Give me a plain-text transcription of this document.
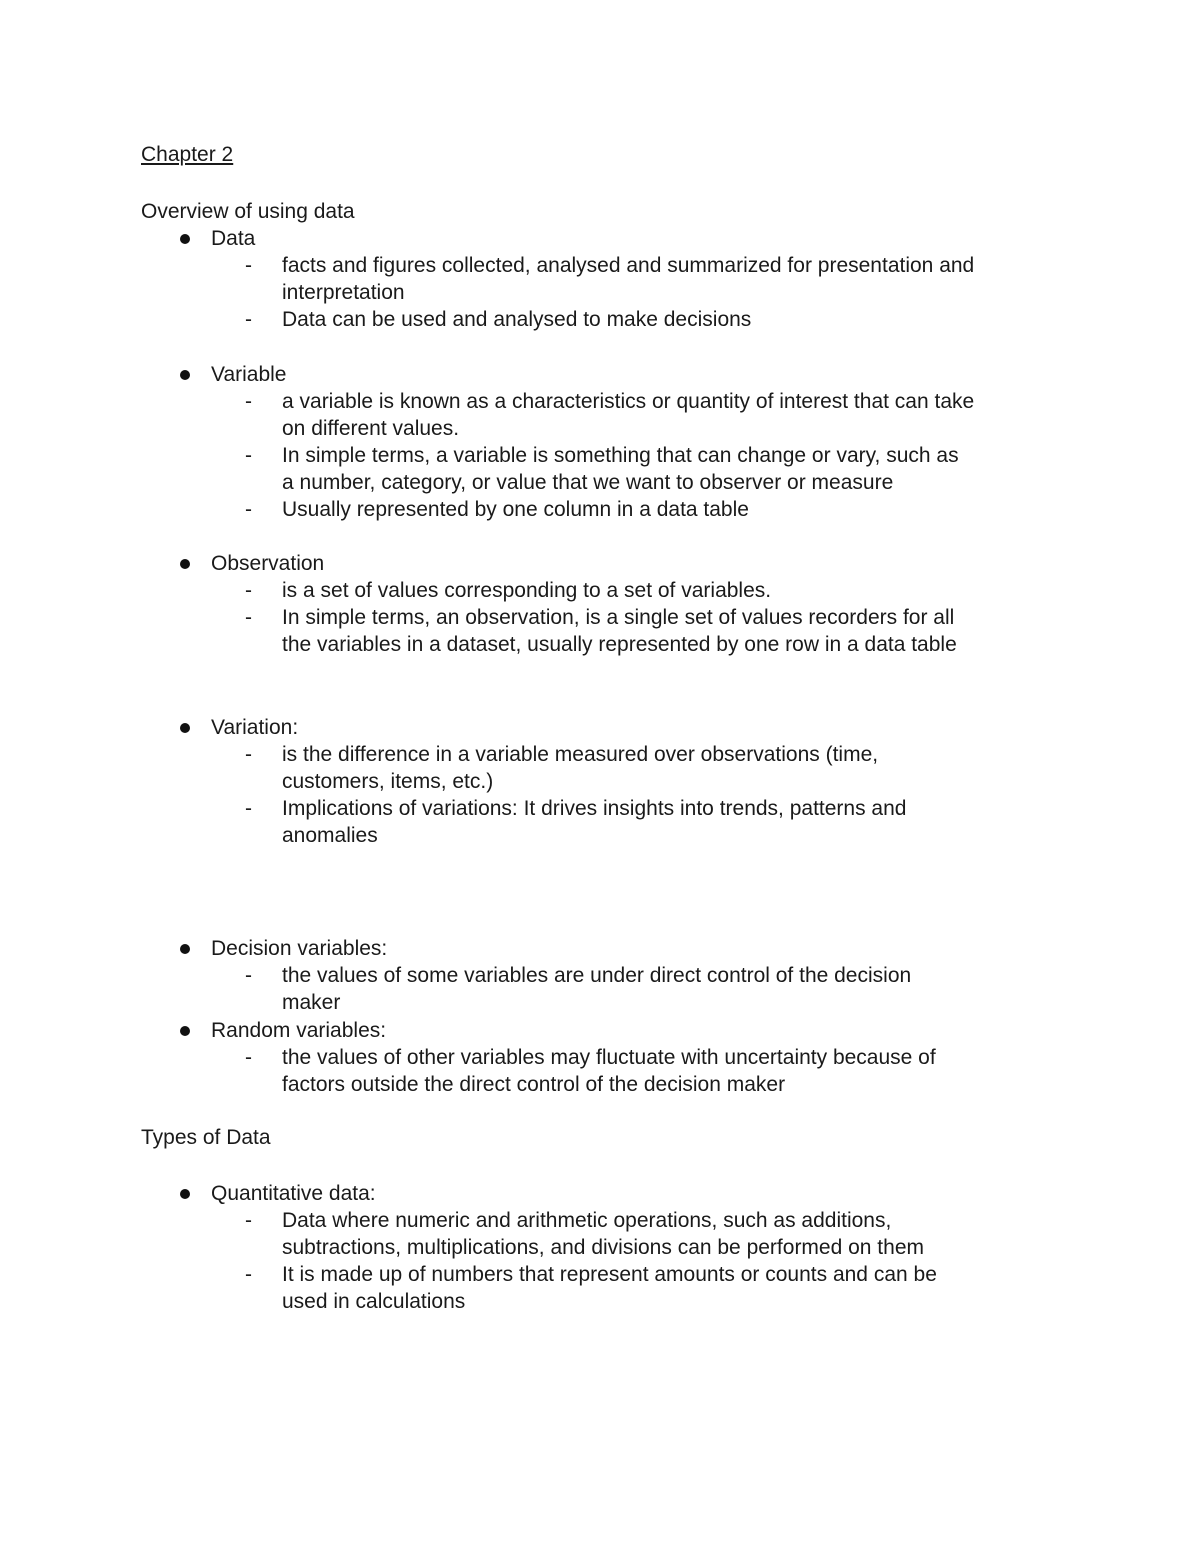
Chapter 2
Overview of using data
Data
- facts and figures collected, analysed and summarized for presentation and
interpretation
- Data can be used and analysed to make decisions
Variable
- a variable is known as a characteristics or quantity of interest that can take
on different values.
- In simple terms, a variable is something that can change or vary, such as
a number, category, or value that we want to observer or measure
- Usually represented by one column in a data table
Observation
- is a set of values corresponding to a set of variables.
- In simple terms, an observation, is a single set of values recorders for all
the variables in a dataset, usually represented by one row in a data table
Variation:
- is the difference in a variable measured over observations (time,
customers, items, etc.)
- Implications of variations: It drives insights into trends, patterns and
anomalies
Decision variables:
- the values of some variables are under direct control of the decision
maker
Random variables:
- the values of other variables may fluctuate with uncertainty because of
factors outside the direct control of the decision maker
Types of Data
Quantitative data:
- Data where numeric and arithmetic operations, such as additions,
subtractions, multiplications, and divisions can be performed on them
- It is made up of numbers that represent amounts or counts and can be
used in calculations
